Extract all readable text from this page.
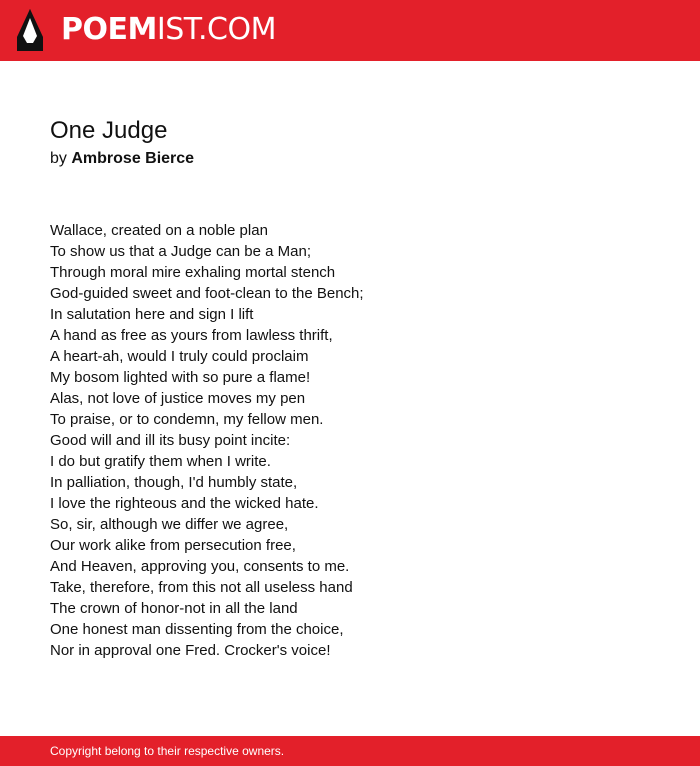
POEMIST.COM
One Judge
by Ambrose Bierce
Wallace, created on a noble plan
To show us that a Judge can be a Man;
Through moral mire exhaling mortal stench
God-guided sweet and foot-clean to the Bench;
In salutation here and sign I lift
A hand as free as yours from lawless thrift,
A heart-ah, would I truly could proclaim
My bosom lighted with so pure a flame!
Alas, not love of justice moves my pen
To praise, or to condemn, my fellow men.
Good will and ill its busy point incite:
I do but gratify them when I write.
In palliation, though, I'd humbly state,
I love the righteous and the wicked hate.
So, sir, although we differ we agree,
Our work alike from persecution free,
And Heaven, approving you, consents to me.
Take, therefore, from this not all useless hand
The crown of honor-not in all the land
One honest man dissenting from the choice,
Nor in approval one Fred. Crocker's voice!
Copyright belong to their respective owners.
